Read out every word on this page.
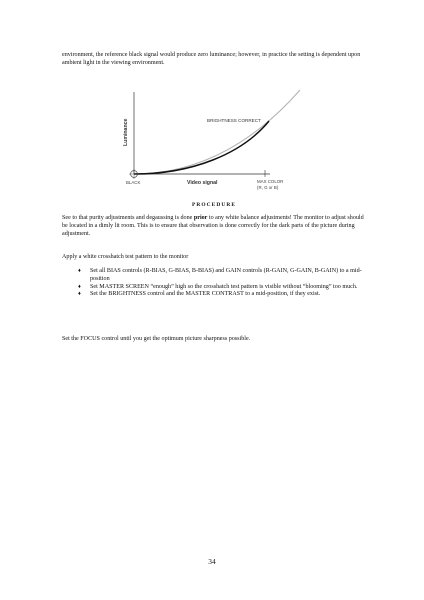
environment, the reference black signal would produce zero luminance; however, in practice the setting is dependent upon ambient light in the viewing environment.

Luminance
Video signal
BRIGHTNESS CORRECT
BLACK	MAX COLOR
(R, G or B)
PROCEDURE

See to that purity adjustments and degaussing is done prior to any white balance adjustments! The monitor to adjust should be located in a dimly lit room. This is to ensure that observation is done correctly for the dark parts of the picture during adjustment.

Apply a white crosshatch test pattern to the monitor

♦ Set all BIAS controls (R-BIAS, G-BIAS, B-BIAS) and GAIN controls (R-GAIN, G-GAIN, B-GAIN) to a mid-position
♦ Set MASTER SCREEN “enough” high so the crosshatch test pattern is visible without “blooming” too much.
♦ Set the BRIGHTNESS control and the MASTER CONTRAST to a mid-position, if they exist.

Set the FOCUS control until you get the optimum picture sharpness possible.

34
